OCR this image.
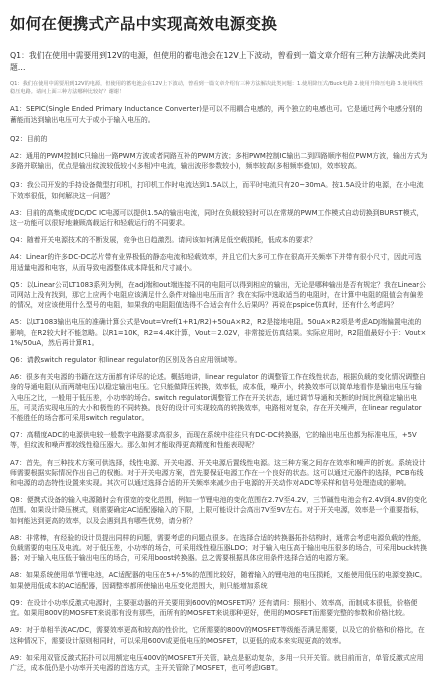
如何在便携式产品中实现高效电源变换

Q1：我们在使用中需要用到12V的电源，但使用的蓄电池会在12V上下波动，曾看到一篇文章介绍有三种方法解决此类问题…

Q1：我们在使用中需要用到12V的电源，但使用的蓄电池会在12V上下波动，曾看到一篇文章介绍有三种方法解决此类问题：1.使用降压式/Buck电路 2.使用升降压电路 3.使用线性稳压电路。请问上面三种方法哪种比较好？谢谢！

A1：SEPIC(Single Ended Primary Inductance Converter)是可以不用耦合电感的，两个独立的电感也可。它是通过两个电感分别的蓄能而达到输出电压可大于或小于输入电压的。

Q2：目前的

A2：通用的PWM控制IC只输出一路PWM方波或者同路互补的PWM方波；多相PWM控制IC输出二到四路顺序相位PWM方波，输出方式为多路并联输出，优点是输出纹波较低较小(多相)中电流，输出波形参数较小)，频率较高(多相频率叠加)，效率较高。

Q3：我公司开发的手持设备微型打印机，打印机工作时电流达到1.5A以上，而平时电流只有20~30mA。按1.5A设计的电源，在小电流下效率很低，如何解决这一问题？

A3：目前的高集成度DC/DC IC电源可以提供1.5A的输出电流，同时在负载较轻时可以在常规的PWM工作模式自动切换到BURST模式，这一功能可以很好地兼顾高载运行和轻载运行的不同要求。

Q4：随着开关电源技术的不断发展，竞争也日趋激烈。请问该如何满足低空载损耗，低成本的要求？

A4：Linear的许多DC-DC芯片带有业界极低的静态电流和轻载效率，并且它们大多可工作在很高开关频率下并带有很小尺寸，因此可选用适量电源和电容，从而导致电源整体成本降低和尺寸减小。

Q5：以Linear公司LT1083系列为例，在adj端和out端连接不同的电阻可以得到相应的输出，无论是哪种输出是否有规定？我在Linear公司网站上没有找到，那它上应两个电阻应该满足什么条件对输出电压而言？我在实际中选取适当的电阻时，在计算中电阻的阻值会有偏差的情况，对应该使用什么型号的电阻，如果我的电阻阻值选得不合适会有什么后果吗？再说在pspice仿真时，还有什么考虑吗？

A5：以LT1083输出电压的准确计算公式是Vout=Vref(1+R1/R2)+50uA×R2，R2是接地电阻。50uA×R2项是考虑ADJ端偏置电流的影响，在R2较大时不能忽略。以R1=10K，R2=4.4K计算，Vout＝2.02V，非常接近仿真结果。实际应用时，R2阻值最好小于：Vout×1%/50uA，然后再计算R1。

Q6：请教switch regulator 和linear regulator的区别及各自应用领域等。

A6：很多有关电源的书籍在这方面都有详尽的论述。概括地讲，linear regulator 的调整管工作在线性状态，根据负载的变化情况调整自身的导通电阻(从而两端电压)以稳定输出电压。它只能做降压转换，效率低，成本低，噪声小，转换效率可以简单地看作是输出电压与输入电压之比，一般用于低压差，小功率的场合。switch regulator调整管工作在开关状态，通过调节导通和关断的时间比例稳定输出电压，可灵活实现电压的大小和极性的不同转换。良好的设计可实现较高的转换效率，电路相对复杂，存在开关噪声，在linear regulator不能胜任的场合都可采用switch regulator。

Q7：高精度ADC的电源供电较一般数字电路要求高很多，而现在系统中往往只有DC-DC转换器，它的输出电压也都为标准电压，+5V等，但纹波和噪声都较线性稳压器大。那么如何才能取得更高精度和性能表现呢？

A7：首先，有三种技术方案可供选择，线性电源、开关电源、开关电源后置线性电源。这三种方案之间存在效率和噪声的折衷。系统设计师需要根据实际情况作出自己的权衡。对于开关电源方案，首先要保证电源工作在一个良好的状态。这可以通过元器件的选择，PCB布线和电源的动态特性设置来实现。其次可以通过选择合适的开关频率来减少由于电源的开关动作对ADC等采样和信号处理造成的影响。

Q8：便携式设备的输入电源随时会有很宽的变化范围，例如一节锂电池的变化范围在2.7V至4.2V，三节碱性电池会有2.4V到4.8V的变化范围。如果设计降压模式，则需要确定AC适配器输入的下限，上限可能设计会高出7V至9V左右。对于开关电源，效率是一个重要指标，如何能达到更高的效率，以及会遇到具有哪些优势，请分析？

A8：非常棒，有经验的设计员提出同样的问题，需要考虑的问题点很多。在选择合适的转换器拓扑结构时，通常会考虑电源负载的性能，负载需要的电压及电流。对于低压差，小功率的场合，可采用线性稳压器LDO；对于输入电压高于输出电压很多的场合，可采用buck转换器；对于输入电压低于输出电压的场合，可采用boost转换器。总之需要根据具体应用条件选择合适的电源方案。

A8：如果系统使用单节锂电池，AC适配器的电压在5+/-5%的范围比较好，随着输入的锂电池的电压损耗，又能使用低压的电源变换IC。如果使用低成本的AC适配器，因调整率都所使输出电压变化范围大，则只能增加系统

Q9：在设计小功率反激式电源时，主要驱动器的开关要用到600V的MOSFET吗？还有请问：照相小、效率高，而制成本很低，价格便宜。如果用800V的MOSFET来说那有没有那些，而所有的MOSFET来说那种更好，使用的MOSFET而需要完整的参数和价格比较。

A9：对于单相半波AC/DC，需要效率更高和较高的性价比，它所需要的800V的MOSFET等级能否满足需要，以及它的价格和价格比，在这种情况下，需要设计原则相同时，可以采用600V或更低电压的MOSFET，以更低的成本来实现更高的效率。

A9：如采用双管反激式拓扑可以用额定电压400V的MOSFET开关管，缺点是驱动复杂，多用一只开关管。就目前而言，单管反激式应用广泛，成本低仍是小功率开关电源的首选方式，主开关管除了MOSFET，也可考虑IGBT。
